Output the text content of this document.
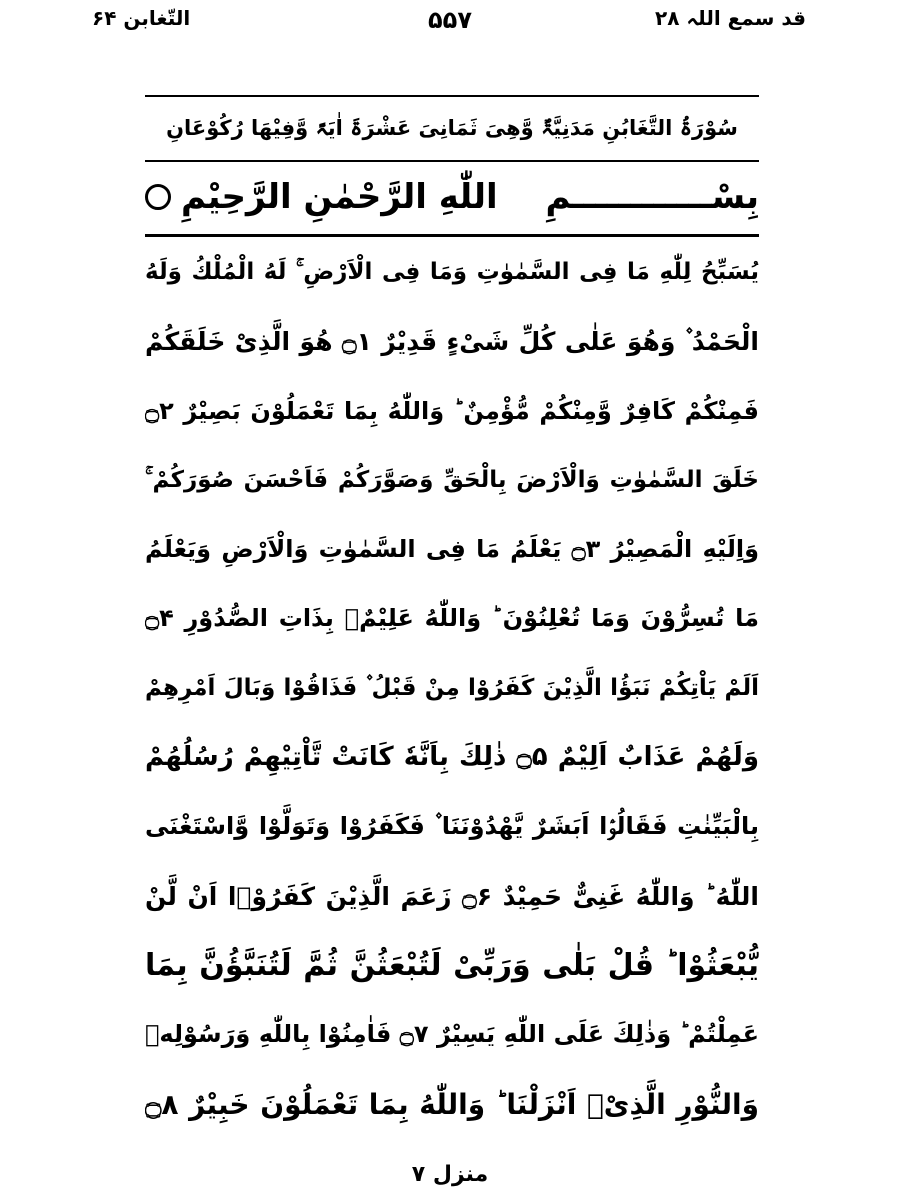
قد سمع اللہ ۲۸
۵۵۷
التّغابن ۶۴
سُوْرَۃُ التَّغَابُنِ مَدَنِیَّۃٌ وَّهِیَ ثَمَانِیَ عَشْرَۃَ اٰیَۃً وَّفِیْهَا رُکُوْعَانِ
بِسْــــــــــــمِ
اللّٰهِ الرَّحْمٰنِ الرَّحِیْمِ
یُسَبِّحُ لِلّٰهِ مَا فِی السَّمٰوٰتِ وَمَا فِی الْاَرْضِ ۚ لَهُ الْمُلْكُ وَلَهُ
الْحَمْدُ ۫ وَهُوَ عَلٰی كُلِّ شَیْءٍ قَدِیْرٌ ۝۱ هُوَ الَّذِیْ خَلَقَكُمْ
فَمِنْكُمْ كَافِرٌ وَّمِنْكُمْ مُّؤْمِنٌ ؕ وَاللّٰهُ بِمَا تَعْمَلُوْنَ بَصِیْرٌ ۝۲
خَلَقَ السَّمٰوٰتِ وَالْاَرْضَ بِالْحَقِّ وَصَوَّرَكُمْ فَاَحْسَنَ صُوَرَكُمْ ۚ
وَاِلَیْهِ الْمَصِیْرُ ۝۳ یَعْلَمُ مَا فِی السَّمٰوٰتِ وَالْاَرْضِ وَیَعْلَمُ
مَا تُسِرُّوْنَ وَمَا تُعْلِنُوْنَ ؕ وَاللّٰهُ عَلِیْمٌۢ بِذَاتِ الصُّدُوْرِ ۝۴
اَلَمْ یَاْتِكُمْ نَبَؤُا الَّذِیْنَ كَفَرُوْا مِنْ قَبْلُ ۫ فَذَاقُوْا وَبَالَ اَمْرِهِمْ
وَلَهُمْ عَذَابٌ اَلِیْمٌ ۝۵ ذٰلِكَ بِاَنَّهٗ كَانَتْ تَّاْتِیْهِمْ رُسُلُهُمْ
بِالْبَیِّنٰتِ فَقَالُوْۤا اَبَشَرٌ یَّهْدُوْنَنَا ۫ فَكَفَرُوْا وَتَوَلَّوْا وَّاسْتَغْنَی
اللّٰهُ ؕ وَاللّٰهُ غَنِیٌّ حَمِیْدٌ ۝۶ زَعَمَ الَّذِیْنَ كَفَرُوْۤا اَنْ لَّنْ
یُّبْعَثُوْا ؕ قُلْ بَلٰی وَرَبِّیْ لَتُبْعَثُنَّ ثُمَّ لَتُنَبَّؤُنَّ بِمَا
عَمِلْتُمْ ؕ وَذٰلِكَ عَلَی اللّٰهِ یَسِیْرٌ ۝۷ فَاٰمِنُوْا بِاللّٰهِ وَرَسُوْلِهٖ
وَالنُّوْرِ الَّذِیْۤ اَنْزَلْنَا ؕ وَاللّٰهُ بِمَا تَعْمَلُوْنَ خَبِیْرٌ ۝۸
منزل ۷
